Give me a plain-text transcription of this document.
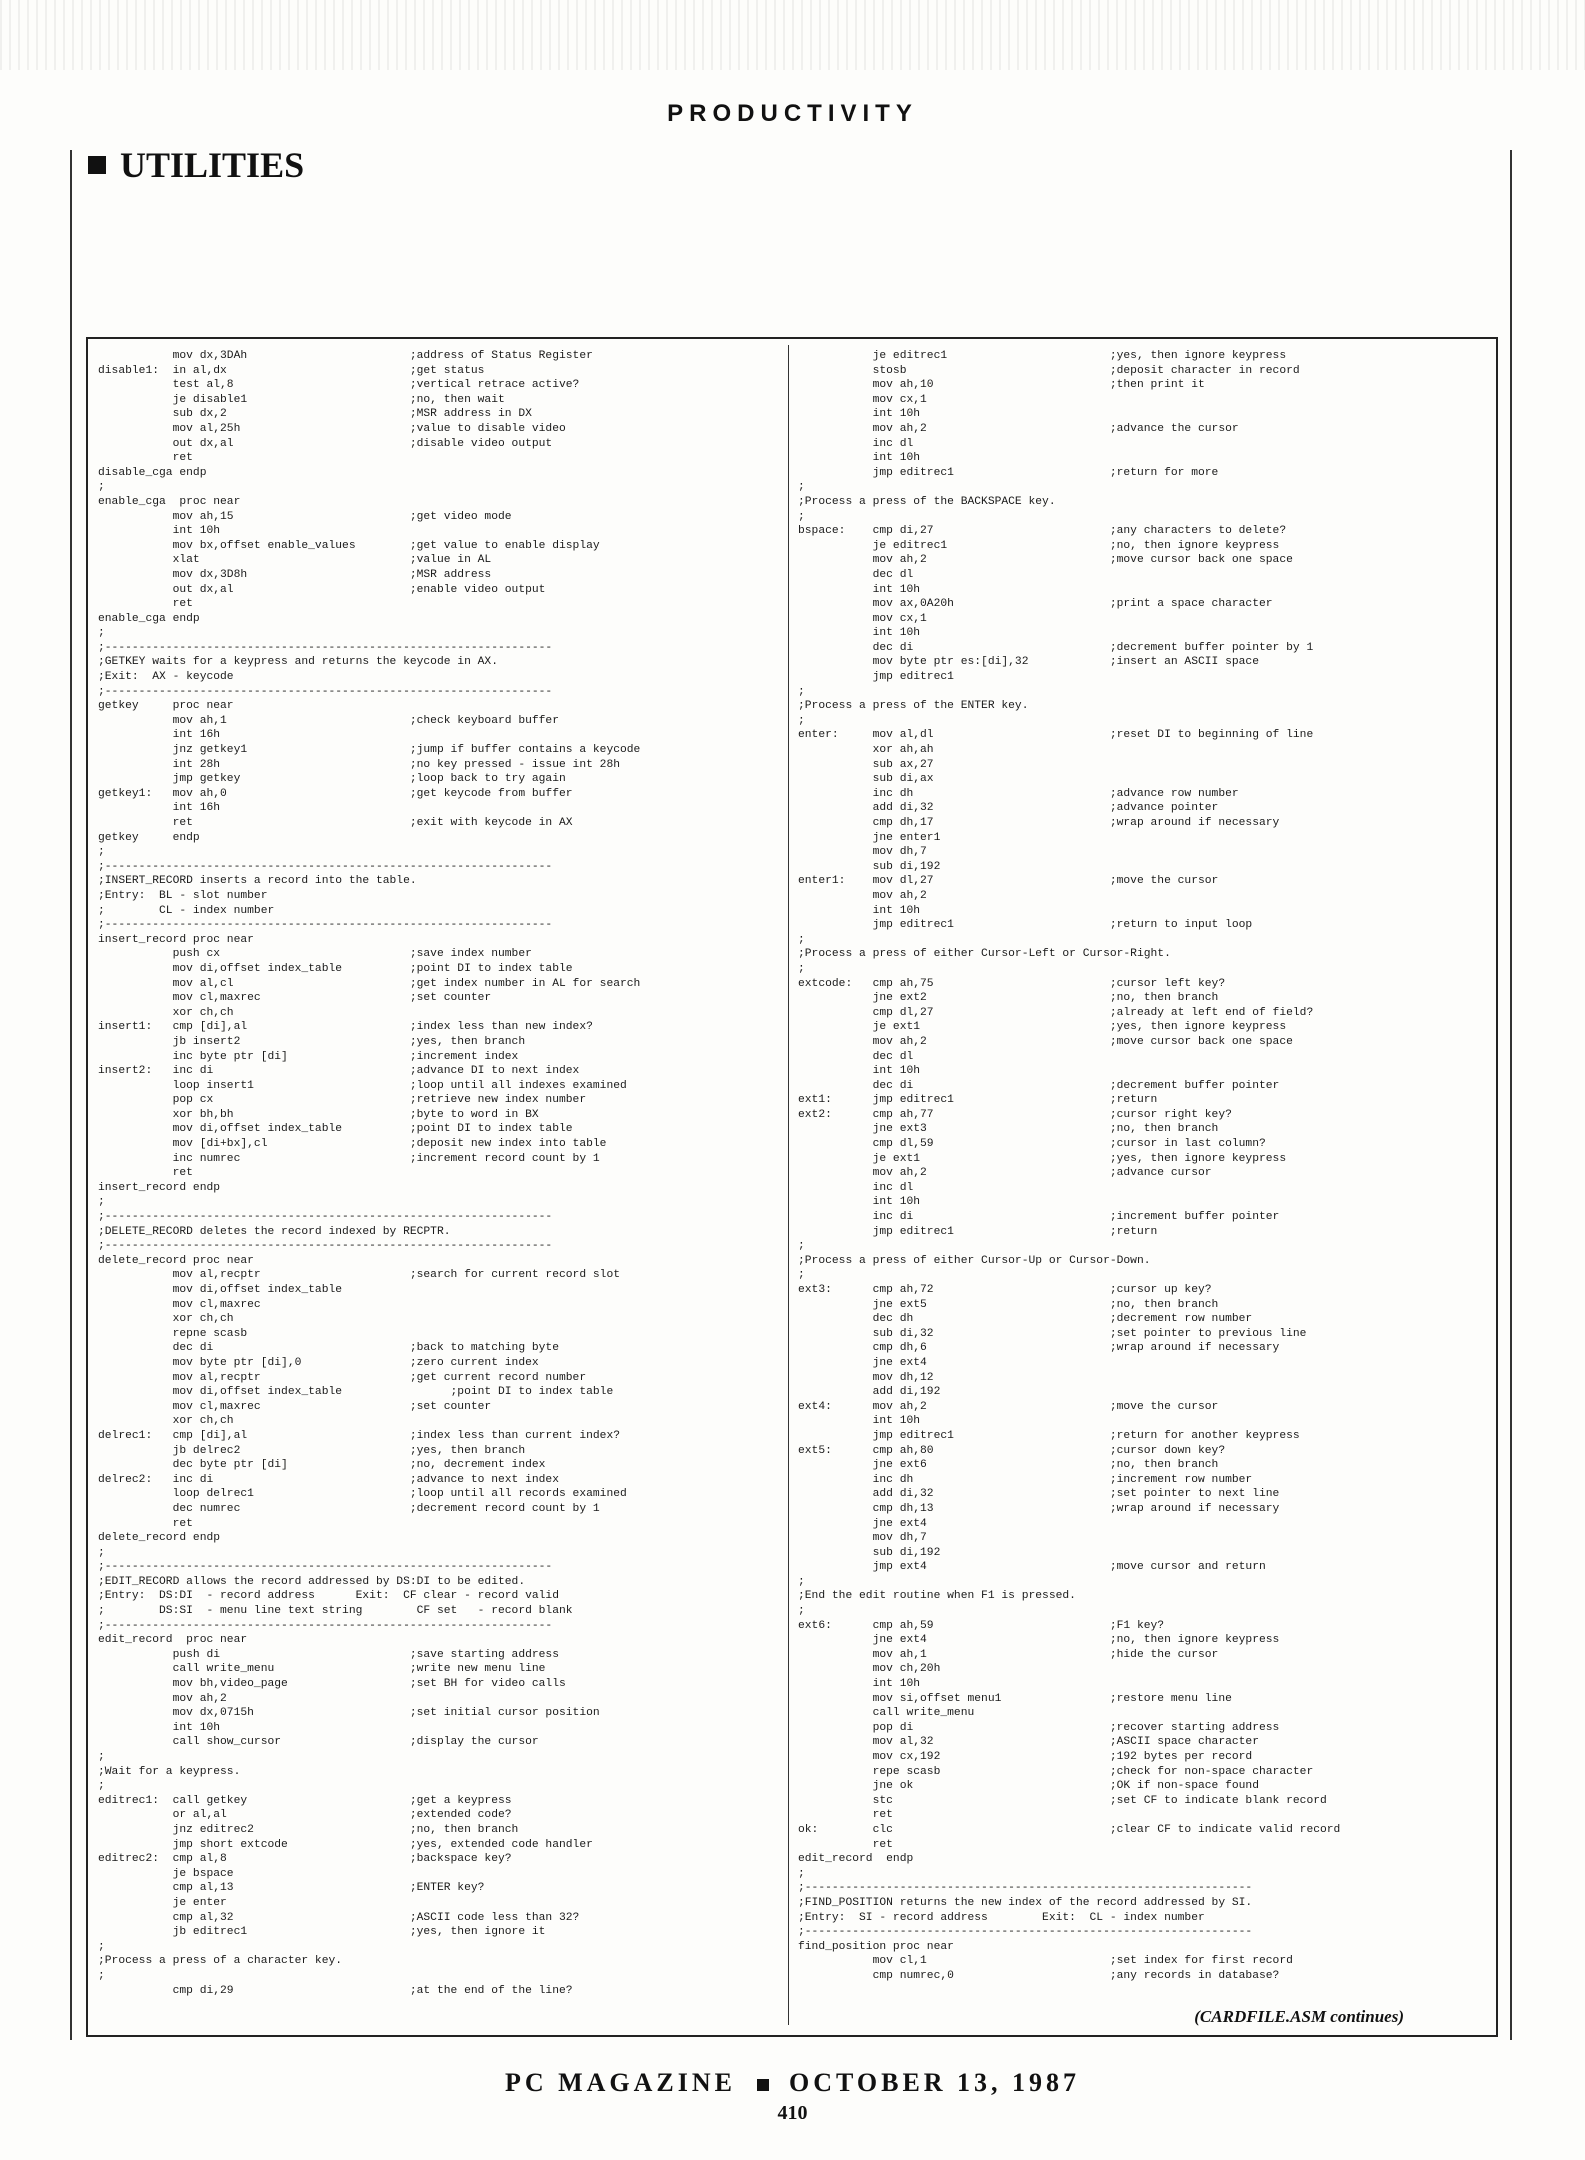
PRODUCTIVITY
UTILITIES
mov dx,3DAh                        ;address of Status Register
disable1:  in al,dx                           ;get status
test al,8                          ;vertical retrace active?
je disable1                        ;no, then wait
sub dx,2                           ;MSR address in DX
mov al,25h                         ;value to disable video
out dx,al                          ;disable video output
ret
disable_cga endp
;
enable_cga  proc near
mov ah,15                          ;get video mode
int 10h
mov bx,offset enable_values        ;get value to enable display
xlat                               ;value in AL
mov dx,3D8h                        ;MSR address
out dx,al                          ;enable video output
ret
enable_cga endp
;
;------------------------------------------------------------------
;GETKEY waits for a keypress and returns the keycode in AX.
;Exit:  AX - keycode
;------------------------------------------------------------------
getkey     proc near
mov ah,1                           ;check keyboard buffer
int 16h
jnz getkey1                        ;jump if buffer contains a keycode
int 28h                            ;no key pressed - issue int 28h
jmp getkey                         ;loop back to try again
getkey1:   mov ah,0                           ;get keycode from buffer
int 16h
ret                                ;exit with keycode in AX
getkey     endp
;
;------------------------------------------------------------------
;INSERT_RECORD inserts a record into the table.
;Entry:  BL - slot number
;        CL - index number
;------------------------------------------------------------------
insert_record proc near
push cx                            ;save index number
mov di,offset index_table          ;point DI to index table
mov al,cl                          ;get index number in AL for search
mov cl,maxrec                      ;set counter
xor ch,ch
insert1:   cmp [di],al                        ;index less than new index?
jb insert2                         ;yes, then branch
inc byte ptr [di]                  ;increment index
insert2:   inc di                             ;advance DI to next index
loop insert1                       ;loop until all indexes examined
pop cx                             ;retrieve new index number
xor bh,bh                          ;byte to word in BX
mov di,offset index_table          ;point DI to index table
mov [di+bx],cl                     ;deposit new index into table
inc numrec                         ;increment record count by 1
ret
insert_record endp
;
;------------------------------------------------------------------
;DELETE_RECORD deletes the record indexed by RECPTR.
;------------------------------------------------------------------
delete_record proc near
mov al,recptr                      ;search for current record slot
mov di,offset index_table
mov cl,maxrec
xor ch,ch
repne scasb
dec di                             ;back to matching byte
mov byte ptr [di],0                ;zero current index
mov al,recptr                      ;get current record number
mov di,offset index_table                ;point DI to index table
mov cl,maxrec                      ;set counter
xor ch,ch
delrec1:   cmp [di],al                        ;index less than current index?
jb delrec2                         ;yes, then branch
dec byte ptr [di]                  ;no, decrement index
delrec2:   inc di                             ;advance to next index
loop delrec1                       ;loop until all records examined
dec numrec                         ;decrement record count by 1
ret
delete_record endp
;
;------------------------------------------------------------------
;EDIT_RECORD allows the record addressed by DS:DI to be edited.
;Entry:  DS:DI  - record address      Exit:  CF clear - record valid
;        DS:SI  - menu line text string        CF set   - record blank
;------------------------------------------------------------------
edit_record  proc near
push di                            ;save starting address
call write_menu                    ;write new menu line
mov bh,video_page                  ;set BH for video calls
mov ah,2
mov dx,0715h                       ;set initial cursor position
int 10h
call show_cursor                   ;display the cursor
;
;Wait for a keypress.
;
editrec1:  call getkey                        ;get a keypress
or al,al                           ;extended code?
jnz editrec2                       ;no, then branch
jmp short extcode                  ;yes, extended code handler
editrec2:  cmp al,8                           ;backspace key?
je bspace
cmp al,13                          ;ENTER key?
je enter
cmp al,32                          ;ASCII code less than 32?
jb editrec1                        ;yes, then ignore it
;
;Process a press of a character key.
;
cmp di,29                          ;at the end of the line?
je editrec1                        ;yes, then ignore keypress
stosb                              ;deposit character in record
mov ah,10                          ;then print it
mov cx,1
int 10h
mov ah,2                           ;advance the cursor
inc dl
int 10h
jmp editrec1                       ;return for more
;
;Process a press of the BACKSPACE key.
;
bspace:    cmp di,27                          ;any characters to delete?
je editrec1                        ;no, then ignore keypress
mov ah,2                           ;move cursor back one space
dec dl
int 10h
mov ax,0A20h                       ;print a space character
mov cx,1
int 10h
dec di                             ;decrement buffer pointer by 1
mov byte ptr es:[di],32            ;insert an ASCII space
jmp editrec1
;
;Process a press of the ENTER key.
;
enter:     mov al,dl                          ;reset DI to beginning of line
xor ah,ah
sub ax,27
sub di,ax
inc dh                             ;advance row number
add di,32                          ;advance pointer
cmp dh,17                          ;wrap around if necessary
jne enter1
mov dh,7
sub di,192
enter1:    mov dl,27                          ;move the cursor
mov ah,2
int 10h
jmp editrec1                       ;return to input loop
;
;Process a press of either Cursor-Left or Cursor-Right.
;
extcode:   cmp ah,75                          ;cursor left key?
jne ext2                           ;no, then branch
cmp dl,27                          ;already at left end of field?
je ext1                            ;yes, then ignore keypress
mov ah,2                           ;move cursor back one space
dec dl
int 10h
dec di                             ;decrement buffer pointer
ext1:      jmp editrec1                       ;return
ext2:      cmp ah,77                          ;cursor right key?
jne ext3                           ;no, then branch
cmp dl,59                          ;cursor in last column?
je ext1                            ;yes, then ignore keypress
mov ah,2                           ;advance cursor
inc dl
int 10h
inc di                             ;increment buffer pointer
jmp editrec1                       ;return
;
;Process a press of either Cursor-Up or Cursor-Down.
;
ext3:      cmp ah,72                          ;cursor up key?
jne ext5                           ;no, then branch
dec dh                             ;decrement row number
sub di,32                          ;set pointer to previous line
cmp dh,6                           ;wrap around if necessary
jne ext4
mov dh,12
add di,192
ext4:      mov ah,2                           ;move the cursor
int 10h
jmp editrec1                       ;return for another keypress
ext5:      cmp ah,80                          ;cursor down key?
jne ext6                           ;no, then branch
inc dh                             ;increment row number
add di,32                          ;set pointer to next line
cmp dh,13                          ;wrap around if necessary
jne ext4
mov dh,7
sub di,192
jmp ext4                           ;move cursor and return
;
;End the edit routine when F1 is pressed.
;
ext6:      cmp ah,59                          ;F1 key?
jne ext4                           ;no, then ignore keypress
mov ah,1                           ;hide the cursor
mov ch,20h
int 10h
mov si,offset menu1                ;restore menu line
call write_menu
pop di                             ;recover starting address
mov al,32                          ;ASCII space character
mov cx,192                         ;192 bytes per record
repe scasb                         ;check for non-space character
jne ok                             ;OK if non-space found
stc                                ;set CF to indicate blank record
ret
ok:        clc                                ;clear CF to indicate valid record
ret
edit_record  endp
;
;------------------------------------------------------------------
;FIND_POSITION returns the new index of the record addressed by SI.
;Entry:  SI - record address        Exit:  CL - index number
;------------------------------------------------------------------
find_position proc near
mov cl,1                           ;set index for first record
cmp numrec,0                       ;any records in database?
(CARDFILE.ASM continues)
PC MAGAZINE OCTOBER 13, 1987
410
